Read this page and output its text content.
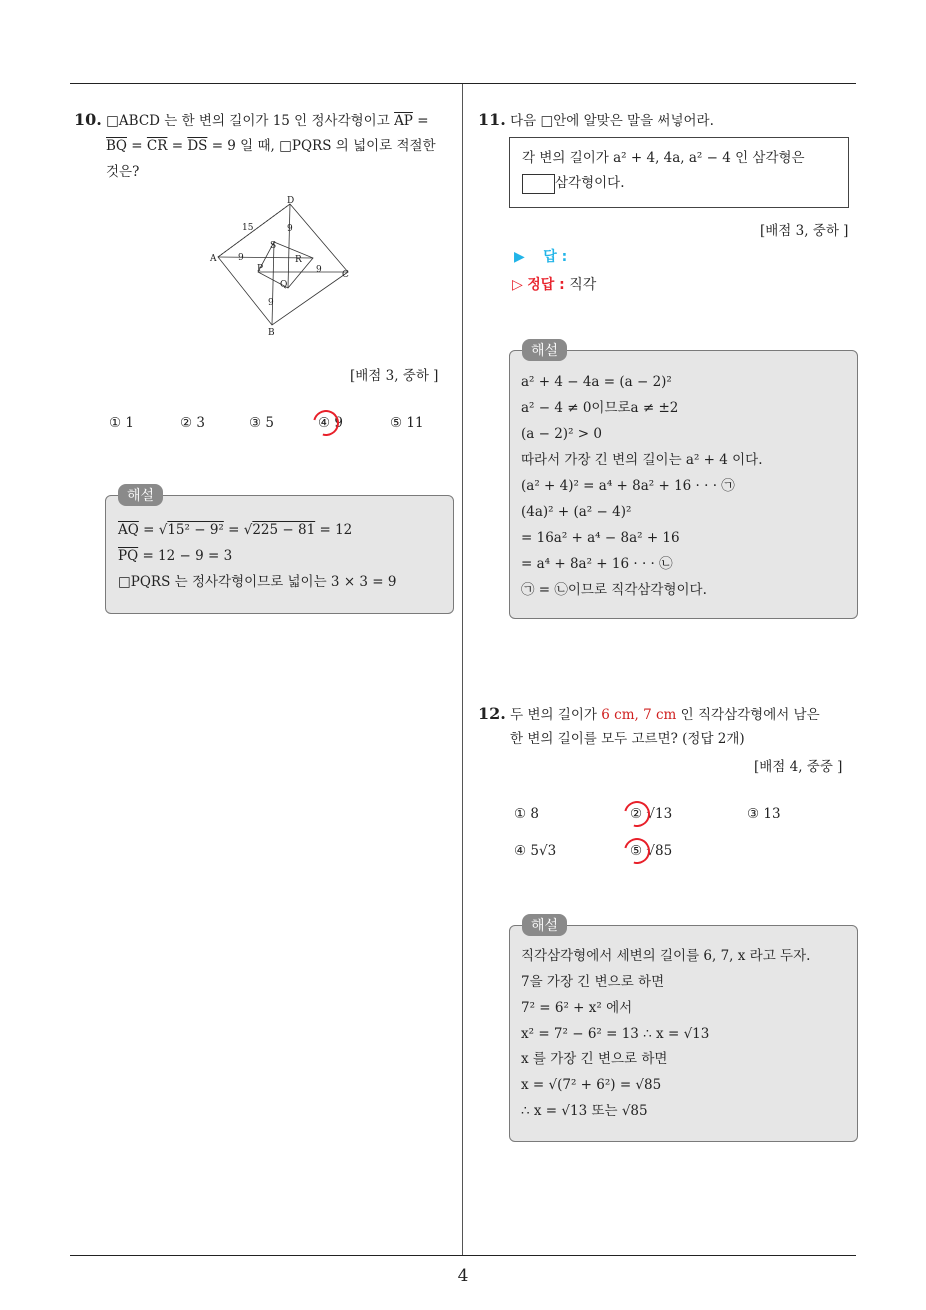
4
10. □ABCD 는 한 변의 길이가 15 인 정사각형이고 $\overline{AP}$ =
$\overline{BQ} = \overline{CR} = \overline{DS} = 9$ 일 때, □PQRS 의 넓이로 적절한
것은?
D
A
B
C
S
R
P
Q
15	9
9
9
9
[배점 3, 중하 ]
① 1	② 3	③ 5	④ 9	⑤ 11
해설
$\overline{AQ} = √15^2 - 9^2 = √225 - 81 = 12$
$\overline{PQ} = 12 - 9 = 3$
□PQRS 는 정사각형이므로 넓이는 3 × 3 = 9
11. 다음 □안에 알맞은 말을 써넣어라.
각 변의 길이가 a² + 4, 4a, a² − 4 인 삼각형은
삼각형이다.
[배점 3, 중하 ]
▶ 답 :
▷ 정답 : 직각
해설
a² + 4 − 4a = (a − 2)²
a² − 4 ≠ 0이므로a ≠ ±2
(a − 2)² > 0
따라서 가장 긴 변의 길이는 a² + 4 이다.
(a² + 4)² = a⁴ + 8a² + 16 · · · ㉠
(4a)² + (a² − 4)²
= 16a² + a⁴ − 8a² + 16
= a⁴ + 8a² + 16 · · · ㉡
㉠ = ㉡이므로 직각삼각형이다.
12. 두 변의 길이가 6 cm, 7 cm 인 직각삼각형에서 남은
한 변의 길이를 모두 고르면? (정답 2개)
[배점 4, 중중 ]
① 8	② √13	③ 13
④ 5√3	⑤ √85
해설
직각삼각형에서 세변의 길이를 6, 7, x 라고 두자.
7을 가장 긴 변으로 하면
7² = 6² + x² 에서
x² = 7² − 6² = 13 ∴ x = √13
x 를 가장 긴 변으로 하면
x = √(7² + 6²) = √85
∴ x = √13 또는 √85
